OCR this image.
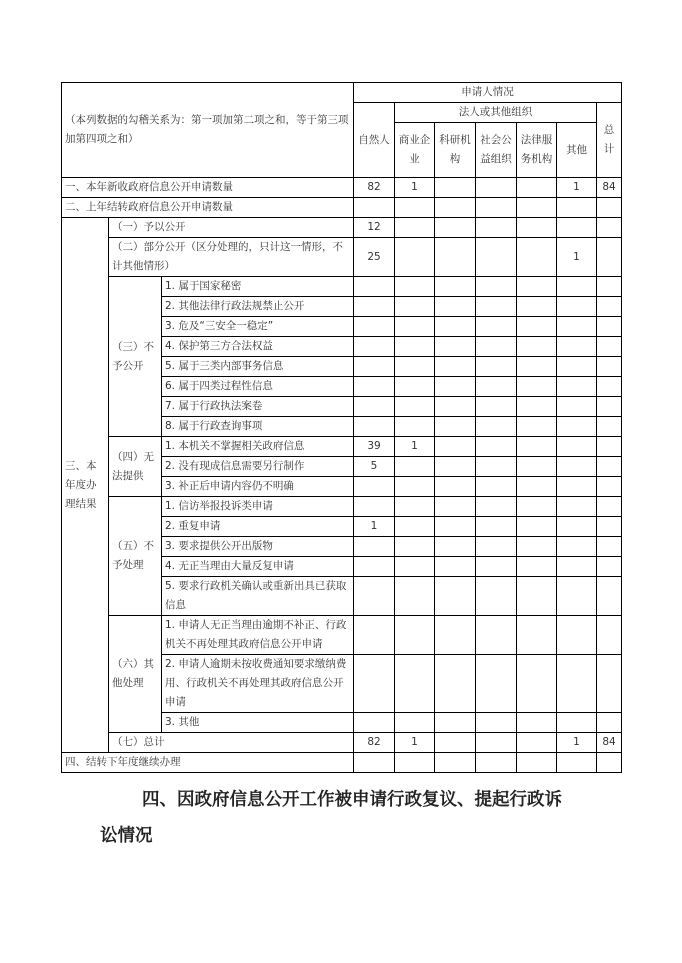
（本列数据的勾稽关系为：第一项加第二项之和，等于第三项加第四项之和）			申请人情况						
			自然人	法人或其他组织					总计
				商业企业	科研机构	社会公益组织	法律服务机构	其他	
一、本年新收政府信息公开申请数量			82	1				1	84
二、上年结转政府信息公开申请数量									
三、本年度办理结果	（一）予以公开		12						
	（二）部分公开（区分处理的，只计这一情形，不计其他情形）		25					1	
	（三）不予公开	1. 属于国家秘密							
		2. 其他法律行政法规禁止公开							
		3. 危及“三安全一稳定”							
		4. 保护第三方合法权益							
		5. 属于三类内部事务信息							
		6. 属于四类过程性信息							
		7. 属于行政执法案卷							
		8. 属于行政查询事项							
	（四）无法提供	1. 本机关不掌握相关政府信息	39	1					
		2. 没有现成信息需要另行制作	5						
		3. 补正后申请内容仍不明确							
	（五）不予处理	1. 信访举报投诉类申请							
		2. 重复申请	1						
		3. 要求提供公开出版物							
		4. 无正当理由大量反复申请							
		5. 要求行政机关确认或重新出具已获取信息							
	（六）其他处理	1. 申请人无正当理由逾期不补正、行政机关不再处理其政府信息公开申请							
		2. 申请人逾期未按收费通知要求缴纳费用、行政机关不再处理其政府信息公开申请							
		3. 其他							
	（七）总计		82	1				1	84
四、结转下年度继续办理									
四、因政府信息公开工作被申请行政复议、提起行政诉
讼情况
